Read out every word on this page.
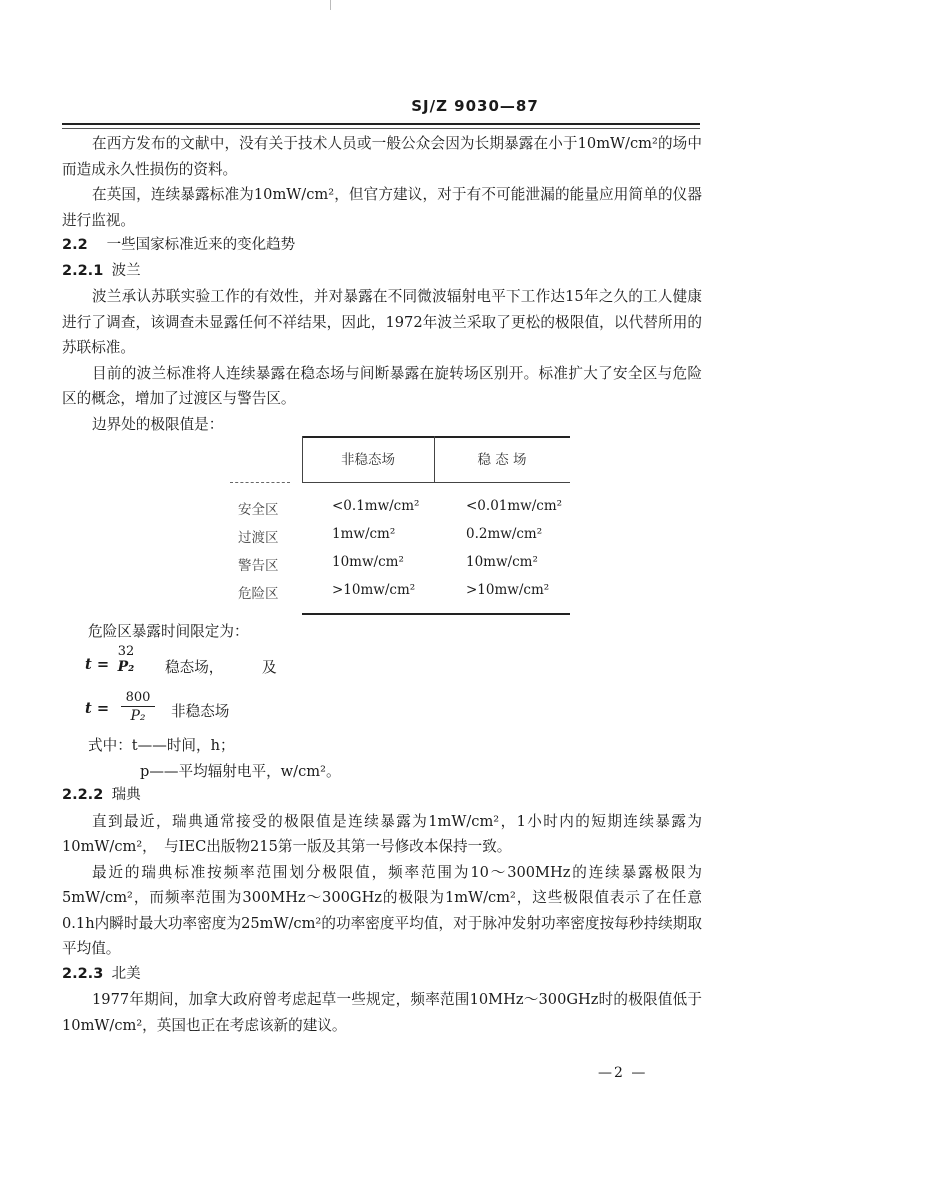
SJ/Z 9030—87

在西方发布的文献中，没有关于技术人员或一般公众会因为长期暴露在小于10mW/cm²的场中而造成永久性损伤的资料。

在英国，连续暴露标准为10mW/cm²，但官方建议，对于有不可能泄漏的能量应用简单的仪器进行监视。

2.2 一些国家标准近来的变化趋势
2.2.1 波兰

波兰承认苏联实验工作的有效性，并对暴露在不同微波辐射电平下工作达15年之久的工人健康进行了调查，该调查未显露任何不祥结果，因此，1972年波兰采取了更松的极限值，以代替所用的苏联标准。

目前的波兰标准将人连续暴露在稳态场与间断暴露在旋转场区别开。标准扩大了安全区与危险区的概念，增加了过渡区与警告区。

边界处的极限值是：

非稳态场	稳 态 场
安全区	<0.1mw/cm²	<0.01mw/cm²
过渡区	1mw/cm²	0.2mw/cm²
警告区	10mw/cm²	10mw/cm²
危险区	>10mw/cm²	>10mw/cm²

危险区暴露时间限定为：

t =
32
P₂	稳态场，	及
t =
800
P₂	非稳态场

式中：t——时间，h；

p——平均辐射电平，w/cm²。

2.2.2 瑞典

直到最近，瑞典通常接受的极限值是连续暴露为1mW/cm²，1小时内的短期连续暴露为10mW/cm²，　与IEC出版物215第一版及其第一号修改本保持一致。

最近的瑞典标准按频率范围划分极限值，频率范围为10～300MHz的连续暴露极限为5mW/cm²，而频率范围为300MHz～300GHz的极限为1mW/cm²，这些极限值表示了在任意0.1h内瞬时最大功率密度为25mW/cm²的功率密度平均值，对于脉冲发射功率密度按每秒持续期取平均值。

2.2.3 北美

1977年期间，加拿大政府曾考虑起草一些规定，频率范围10MHz～300GHz时的极限值低于10mW/cm²，英国也正在考虑该新的建议。

—2 —
